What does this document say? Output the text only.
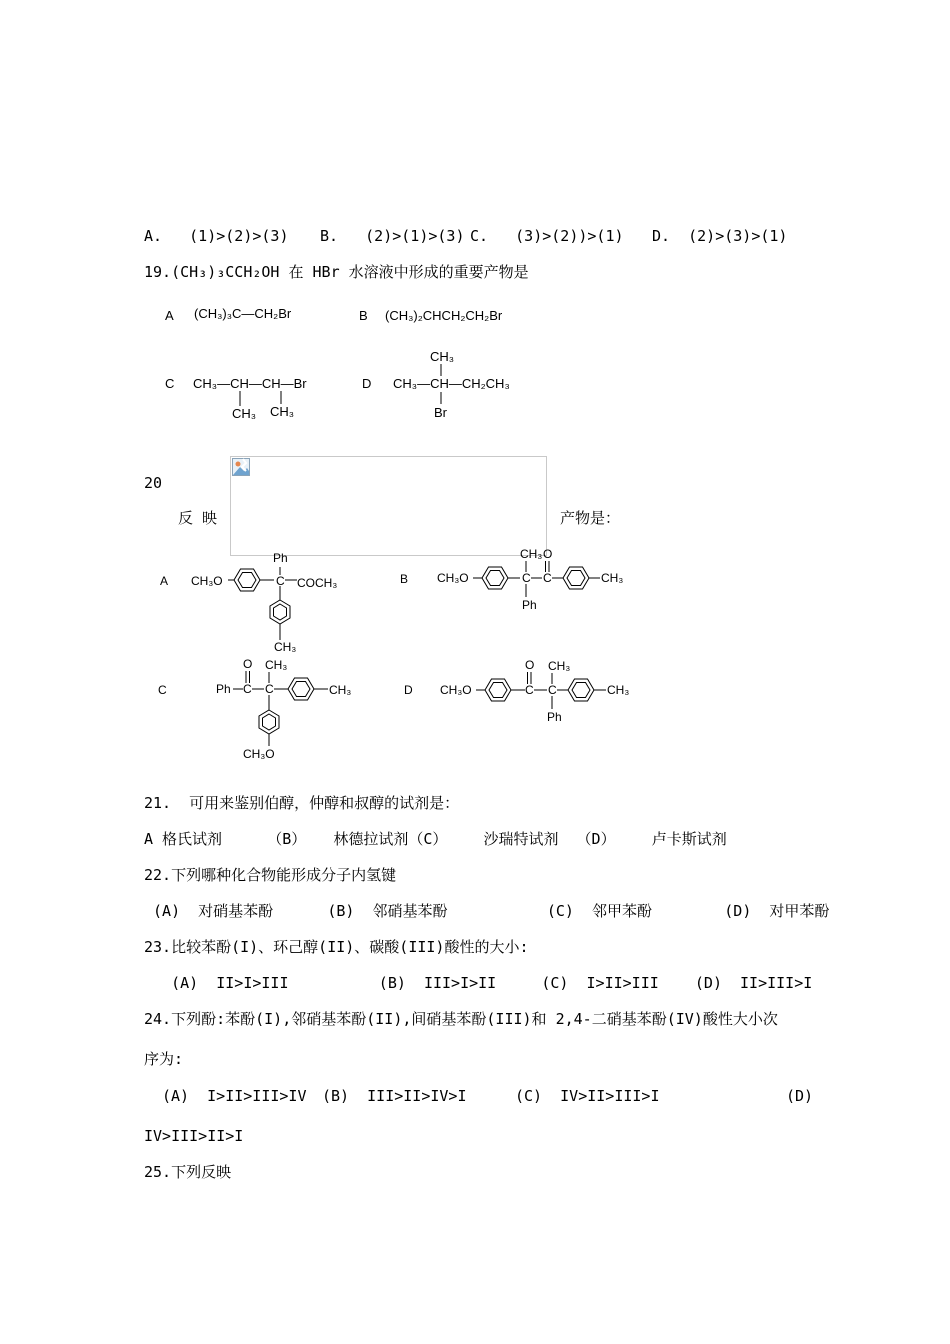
A.   (1)>(2)>(3) B.   (2)>(1)>(3) C.   (3)>(2))>(1) D.  (2)>(3)>(1)
19.(CH₃)₃CCH₂OH 在 HBr 水溶液中形成的重要产物是
A (CH₃)₃C—CH₂Br	B (CH₃)₂CHCH₂CH₂Br
C CH₃—CH—CH—Br
CH₃ CH₃
D
CH₃
CH₃—CH—CH₂CH₃
Br
20
反 映	产物是：
A CH₃O	C
Ph
COCH₃
CH₃
B CH₃O	C
CH₃
Ph
C
O
CH₃
C	Ph C
O
C
CH₃
CH₃
CH₃O
D CH₃O	C
O
C
CH₃
Ph
CH₃
21.  可用来鉴别伯醇，仲醇和叔醇的试剂是：
A 格氏试剂     （B）   林德拉试剂（C）    沙瑞特试剂  （D）    卢卡斯试剂
22.下列哪种化合物能形成分子内氢键
(A)  对硝基苯酚      (B)  邻硝基苯酚           (C)  邻甲苯酚        (D)  对甲苯酚
23.比较苯酚(I)、环己醇(II)、碳酸(III)酸性的大小:
(A)  II>I>III          (B)  III>I>II     (C)  I>II>III    (D)  II>III>I
24.下列酚:苯酚(I),邻硝基苯酚(II),间硝基苯酚(III)和 2,4-二硝基苯酚(IV)酸性大小次
序为:
(A)  I>II>III>IV (B)  III>II>IV>I	(C)  IV>II>III>I	(D)
IV>III>II>I
25.下列反映
